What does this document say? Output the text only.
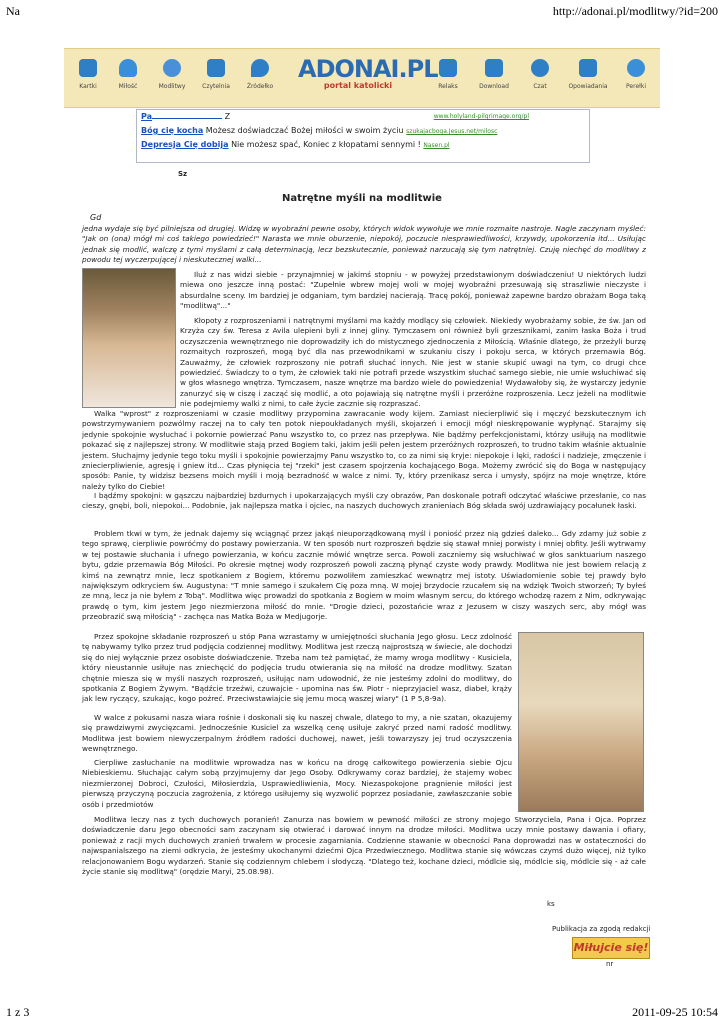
Na	http://adonai.pl/modlitwy/?id=200
Kartki	Miłość	Modlitwy	Czytelnia	Źródełko
ADONAI.PL
portal katolicki	Relaks	Download	Czat	Opowiadania	Perełki
Pa	Z	www.holyland-pilgrimage.org/pl
Bóg cię kocha Możesz doświadczać Bożej miłości w swoim życiu szukajacboga.Jesus.net/milosc
Depresja Cię dobija Nie możesz spać, Koniec z kłopatami sennymi ! Nasen.pl
Sz
Natrętne myśli na modlitwie
Gd
jedna wydaje się być pilniejsza od drugiej. Widzę w wyobraźni pewne osoby, których widok wywołuje we mnie rozmaite nastroje. Nagle zaczynam myśleć: "Jak on (ona) mógł mi coś takiego powiedzieć!" Narasta we mnie oburzenie, niepokój, poczucie niesprawiedliwości, krzywdy, upokorzenia itd... Usiłując jednak się modlić, walczę z tymi myślami z całą determinacją, lecz bezskutecznie, ponieważ narzucają się tym natrętniej. Czuję niechęć do modlitwy z powodu tej wyczerpującej i nieskutecznej walki...
Iluż z nas widzi siebie - przynajmniej w jakimś stopniu - w powyżej przedstawionym doświadczeniu! U niektórych ludzi miewa ono jeszcze inną postać: "Zupełnie wbrew mojej woli w mojej wyobraźni przesuwają się straszliwie nieczyste i absurdalne sceny. Im bardziej je odganiam, tym bardziej nacierają. Tracę pokój, ponieważ zapewne bardzo obrażam Boga taką "modlitwą"..."
Kłopoty z rozproszeniami i natrętnymi myślami ma każdy modlący się człowiek. Niekiedy wyobrażamy sobie, że św. Jan od Krzyża czy św. Teresa z Avila ulepieni byli z innej gliny. Tymczasem oni również byli grzesznikami, zanim łaska Boża i trud oczyszczenia wewnętrznego nie doprowadziły ich do mistycznego zjednoczenia z Miłością. Właśnie dlatego, że przeżyli burzę rozmaitych rozproszeń, mogą być dla nas przewodnikami w szukaniu ciszy i pokoju serca, w których przemawia Bóg. Zauważmy, że człowiek rozproszony nie potrafi słuchać innych. Nie jest w stanie skupić uwagi na tym, co drugi chce powiedzieć. Świadczy to o tym, że człowiek taki nie potrafi przede wszystkim słuchać samego siebie, nie umie wsłuchiwać się w głos własnego wnętrza. Tymczasem, nasze wnętrze ma bardzo wiele do powiedzenia! Wydawałoby się, że wystarczy jedynie zanurzyć się w ciszę i zacząć się modlić, a oto pojawiają się natrętne myśli i przeróżne rozproszenia. Lecz jeżeli na modlitwie nie podejmiemy walki z nimi, to całe życie zacznie się rozpraszać.
Walka "wprost" z rozproszeniami w czasie modlitwy przypomina zawracanie wody kijem. Zamiast niecierpliwić się i męczyć bezskutecznym ich powstrzymywaniem pozwólmy raczej na to cały ten potok niepoukładanych myśli, skojarzeń i emocji mógł nieskrępowanie wypłynąć. Starajmy się jedynie spokojnie wysłuchać i pokornie powierzać Panu wszystko to, co przez nas przepływa. Nie bądźmy perfekcjonistami, którzy usiłują na modlitwie pokazać się z najlepszej strony. W modlitwie stają przed Bogiem taki, jakim jeśli pełen jestem przeróżnych rozproszeń, to trudno takim właśnie aktualnie jestem. Słuchajmy jedynie tego toku myśli i spokojnie powierzajmy Panu wszystko to, co za nimi się kryje: niepokoje i lęki, radości i nadzieje, zmęczenie i zniecierpliwienie, agresję i gniew itd... Czas płynięcia tej "rzeki" jest czasem spojrzenia kochającego Boga. Możemy zwrócić się do Boga w następujący sposób: Panie, ty widzisz bezsens moich myśli i moją bezradność w walce z nimi. Ty, który przenikasz serca i umysły, spójrz na moje wnętrze, które należy tylko do Ciebie!
I bądźmy spokojni: w gąszczu najbardziej bzdurnych i upokarzających myśli czy obrazów, Pan doskonale potrafi odczytać właściwe przesłanie, co nas cieszy, gnębi, boli, niepokoi... Podobnie, jak najlepsza matka i ojciec, na naszych duchowych zranieniach Bóg składa swój uzdrawiający pocałunek łaski.
Problem tkwi w tym, że jednak dajemy się wciągnąć przez jakąś nieuporządkowaną myśl i poniość przez nią gdzieś daleko... Gdy zdamy już sobie z tego sprawę, cierpliwie powróćmy do postawy powierzania. W ten sposób nurt rozproszeń będzie się stawał mniej porwisty i mniej obfity. Jeśli wytrwamy w tej postawie słuchania i ufnego powierzania, w końcu zacznie mówić wnętrze serca. Powoli zaczniemy się wsłuchiwać w głos sanktuarium naszego bytu, gdzie przemawia Bóg Miłości. Po okresie mętnej wody rozproszeń powoli zaczną płynąć czyste wody prawdy. Modlitwa nie jest bowiem relacją z kimś na zewnątrz mnie, lecz spotkaniem z Bogiem, któremu pozwoliłem zamieszkać wewnątrz mej istoty. Uświadomienie sobie tej prawdy było największym odkryciem św. Augustyna: "T mnie samego i szukałem Cię poza mną. W mojej brzydocie rzucałem się na wdzięk Twoich stworzeń; Ty byłeś ze mną, lecz ja nie byłem z Tobą". Modlitwa więc prowadzi do spotkania z Bogiem w moim własnym sercu, do którego wchodzę razem z Nim, odkrywając prawdę o tym, kim jestem Jego niezmierzona miłość do mnie. "Drogie dzieci, pozostańcie wraz z Jezusem w ciszy waszych serc, aby mógł was przeobrazić swą miłością" - zachęca nas Matka Boża w Medjugorje.
Przez spokojne składanie rozproszeń u stóp Pana wzrastamy w umiejętności słuchania Jego głosu. Lecz zdolność tę nabywamy tylko przez trud podjęcia codziennej modlitwy. Modlitwa jest rzeczą najprostszą w świecie, ale dochodzi się do niej wyłącznie przez osobiste doświadczenie. Trzeba nam też pamiętać, że mamy wroga modlitwy - Kusiciela, który nieustannie usiłuje nas zniechęcić do podjęcia trudu otwierania się na miłość na drodze modlitwy. Szatan chętnie miesza się w myśli naszych rozproszeń, usiłując nam udowodnić, że nie jesteśmy zdolni do modlitwy, do spotkania Z Bogiem Żywym. "Bądźcie trzeźwi, czuwajcie - upomina nas św. Piotr - nieprzyjaciel wasz, diabeł, krąży jak lew ryczący, szukając, kogo pożreć. Przeciwstawiajcie się jemu mocą waszej wiary" (1 P 5,8-9a).
W walce z pokusami nasza wiara rośnie i doskonali się ku naszej chwale, dlatego to my, a nie szatan, okazujemy się prawdziwymi zwycięzcami. Jednocześnie Kusiciel za wszelką cenę usiłuje zakryć przed nami radość modlitwy. Modlitwa jest bowiem niewyczerpalnym źródłem radości duchowej, nawet, jeśli towarzyszy jej trud oczyszczenia wewnętrznego.
Cierpliwe zasłuchanie na modlitwie wprowadza nas w końcu na drogę całkowitego powierzenia siebie Ojcu Niebieskiemu. Słuchając całym sobą przyjmujemy dar Jego Osoby. Odkrywamy coraz bardziej, że stajemy wobec niezmierzonej Dobroci, Czułości, Miłosierdzia, Usprawiedliwienia, Mocy. Niezaspokojone pragnienie miłości jest pierwszą przyczyną poczucia zagrożenia, z którego usiłujemy się wyzwolić poprzez posiadanie, zawłaszczanie sobie osób i przedmiotów
Modlitwa leczy nas z tych duchowych poranień! Zanurza nas bowiem w pewność miłości ze strony mojego Stworzyciela, Pana i Ojca. Poprzez doświadczenie daru Jego obecności sam zaczynam się otwierać i darować innym na drodze miłości. Modlitwa uczy mnie postawy dawania i ofiary, ponieważ z racji mych duchowych zranień trwałem w procesie zagarniania. Codzienne stawanie w obecności Pana doprowadzi nas w ostateczności do najwspanialszego na ziemi odkrycia, że jesteśmy ukochanymi dziećmi Ojca Przedwiecznego. Modlitwa stanie się wówczas czymś dużo więcej, niż tylko relacjonowaniem Bogu wydarzeń. Stanie się codziennym chlebem i słodyczą. "Dlatego też, kochane dzieci, módlcie się, módlcie się, módlcie się - aż całe życie stanie się modlitwą" (orędzie Maryi, 25.08.98).
ks
Publikacja za zgodą redakcji
Miłujcie się!
nr
1 z 3	2011-09-25 10:54
